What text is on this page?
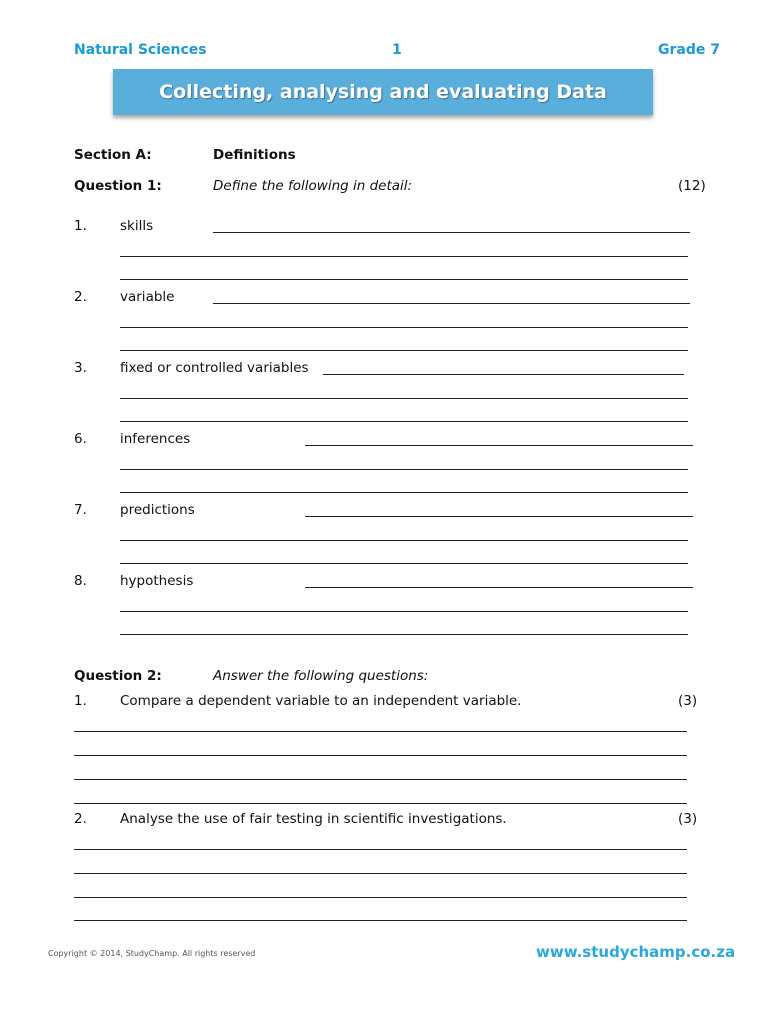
Natural Sciences	1	Grade 7
Collecting, analysing and evaluating Data
Section A:	Definitions
Question 1:	Define the following in detail:	(12)
1. skills
2. variable
3. fixed or controlled variables
6. inferences
7. predictions
8. hypothesis
Question 2:	Answer the following questions:
1. Compare a dependent variable to an independent variable.	(3)
2. Analyse the use of fair testing in scientific investigations.	(3)
Copyright © 2014, StudyChamp. All rights reserved	www.studychamp.co.za
